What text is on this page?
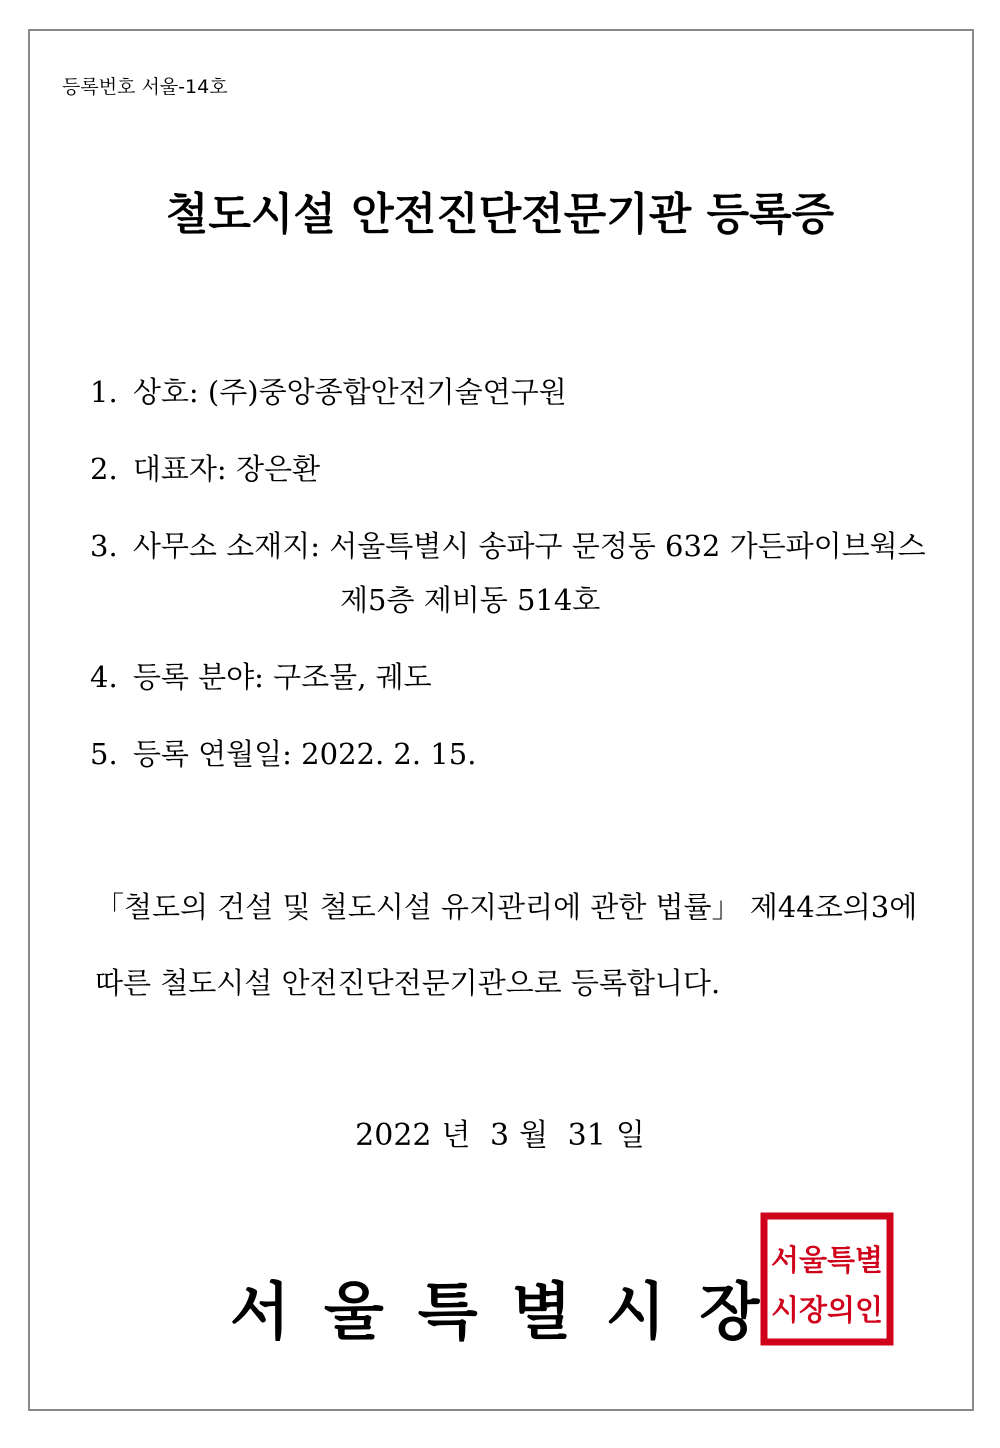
등록번호 서울-14호
철도시설 안전진단전문기관 등록증
1. 상호: (주)중앙종합안전기술연구원
2. 대표자: 장은환
3. 사무소 소재지: 서울특별시 송파구 문정동 632 가든파이브웍스
제5층 제비동 514호
4. 등록 분야: 구조물, 궤도
5. 등록 연월일: 2022. 2. 15.
「철도의 건설 및 철도시설 유지관리에 관한 법률」 제44조의3에
따른 철도시설 안전진단전문기관으로 등록합니다.
2022 년 3 월 31 일
서울특별시장
서울특별
시장의인
